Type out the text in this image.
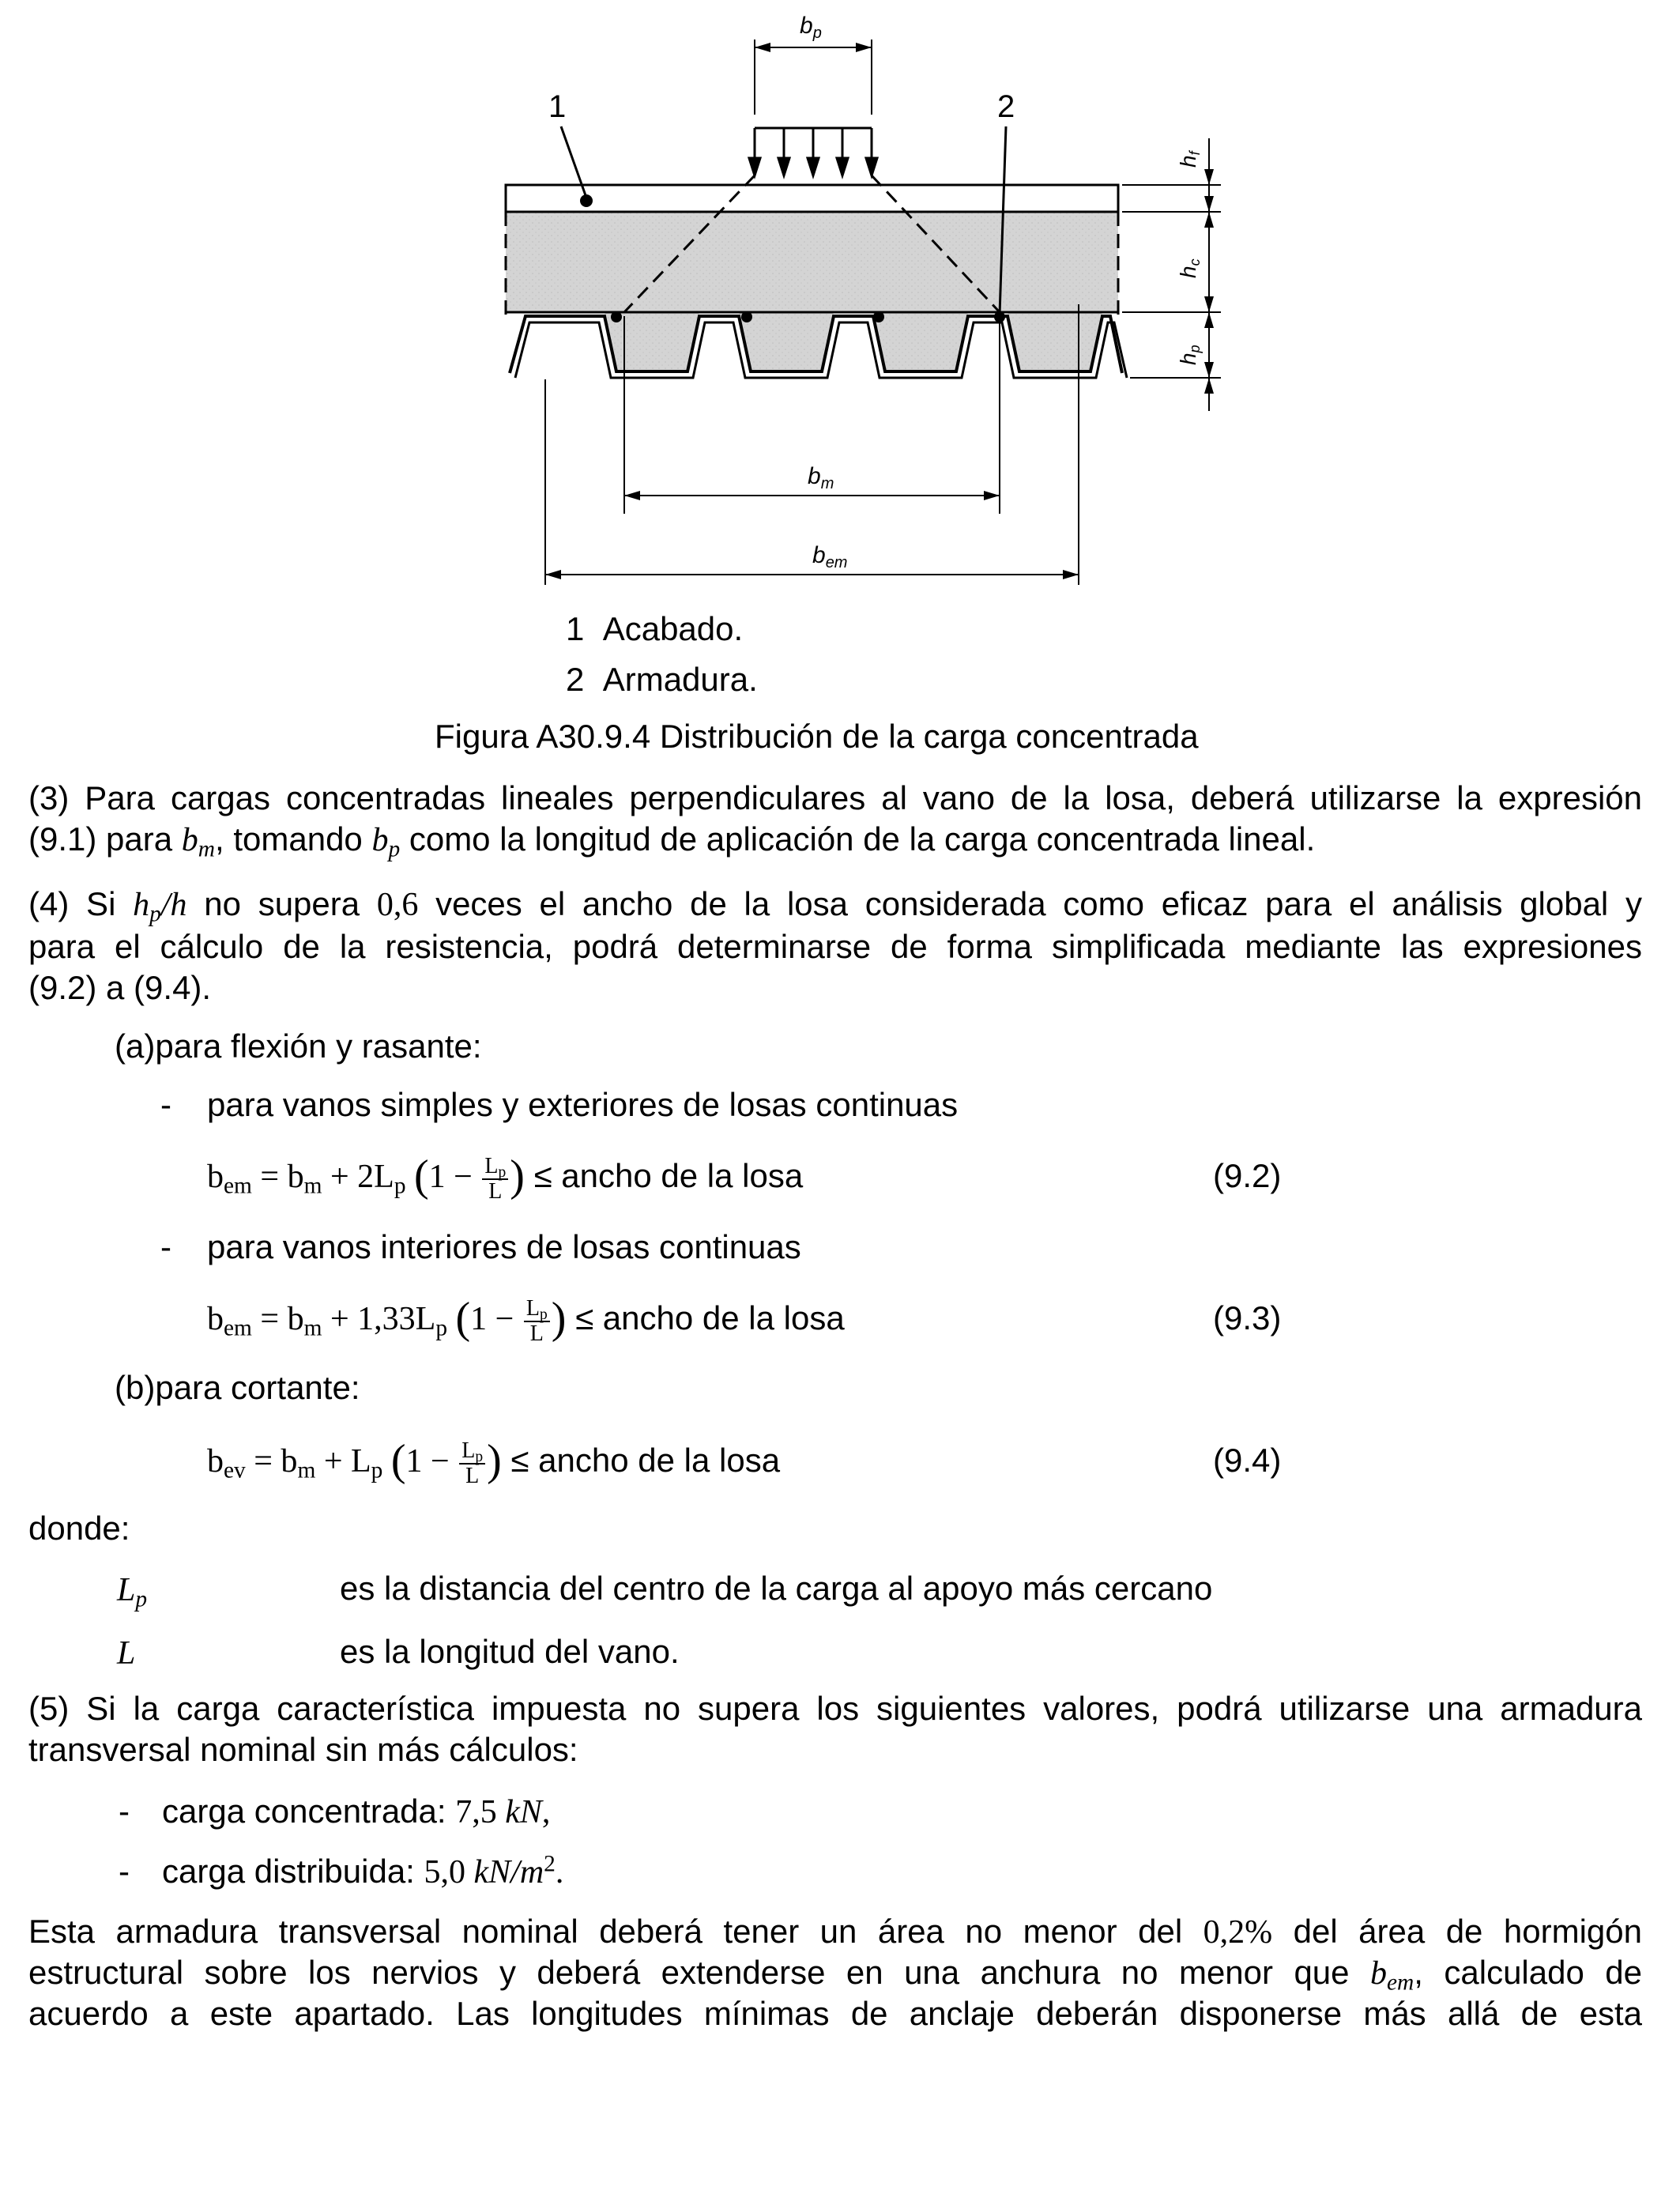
1	2
$b_p$
$b_m$
$b_{em}$
hf
hc
hp
1 Acabado.
2 Armadura.
Figura A30.9.4 Distribución de la carga concentrada
(3) Para cargas concentradas lineales perpendiculares al vano de la losa, deberá utilizarse la expresión
(9.1) para $b_m$, tomando $b_p$ como la longitud de aplicación de la carga concentrada lineal.
(4) Si $h_p/h$ no supera 0,6 veces el ancho de la losa considerada como eficaz para el análisis global y
para el cálculo de la resistencia, podrá determinarse de forma simplificada mediante las expresiones
(9.2) a (9.4).
(a)para flexión y rasante:
- para vanos simples y exteriores de losas continuas
$b_{em} = b_m + 2L_p$ ($1 - \frac{L_p}{L}$ ) ≤ ancho de la losa	(9.2)
- para vanos interiores de losas continuas
$b_{em} = b_m + 1,33L_p$ ($1 - \frac{L_p}{L}$ ) ≤ ancho de la losa	(9.3)
(b)para cortante:
$b_{ev} = b_m + L_p$ ($1 - \frac{L_p}{L}$ ) ≤ ancho de la losa	(9.4)
donde:
$L_p$	es la distancia del centro de la carga al apoyo más cercano
L	es la longitud del vano.
(5) Si la carga característica impuesta no supera los siguientes valores, podrá utilizarse una armadura
transversal nominal sin más cálculos:
- carga concentrada: 7,5 kN,
- carga distribuida: 5,0 $kN/m^2$.
Esta armadura transversal nominal deberá tener un área no menor del 0,2% del área de hormigón
estructural sobre los nervios y deberá extenderse en una anchura no menor que $b_{em}$, calculado de
acuerdo a este apartado. Las longitudes mínimas de anclaje deberán disponerse más allá de esta
